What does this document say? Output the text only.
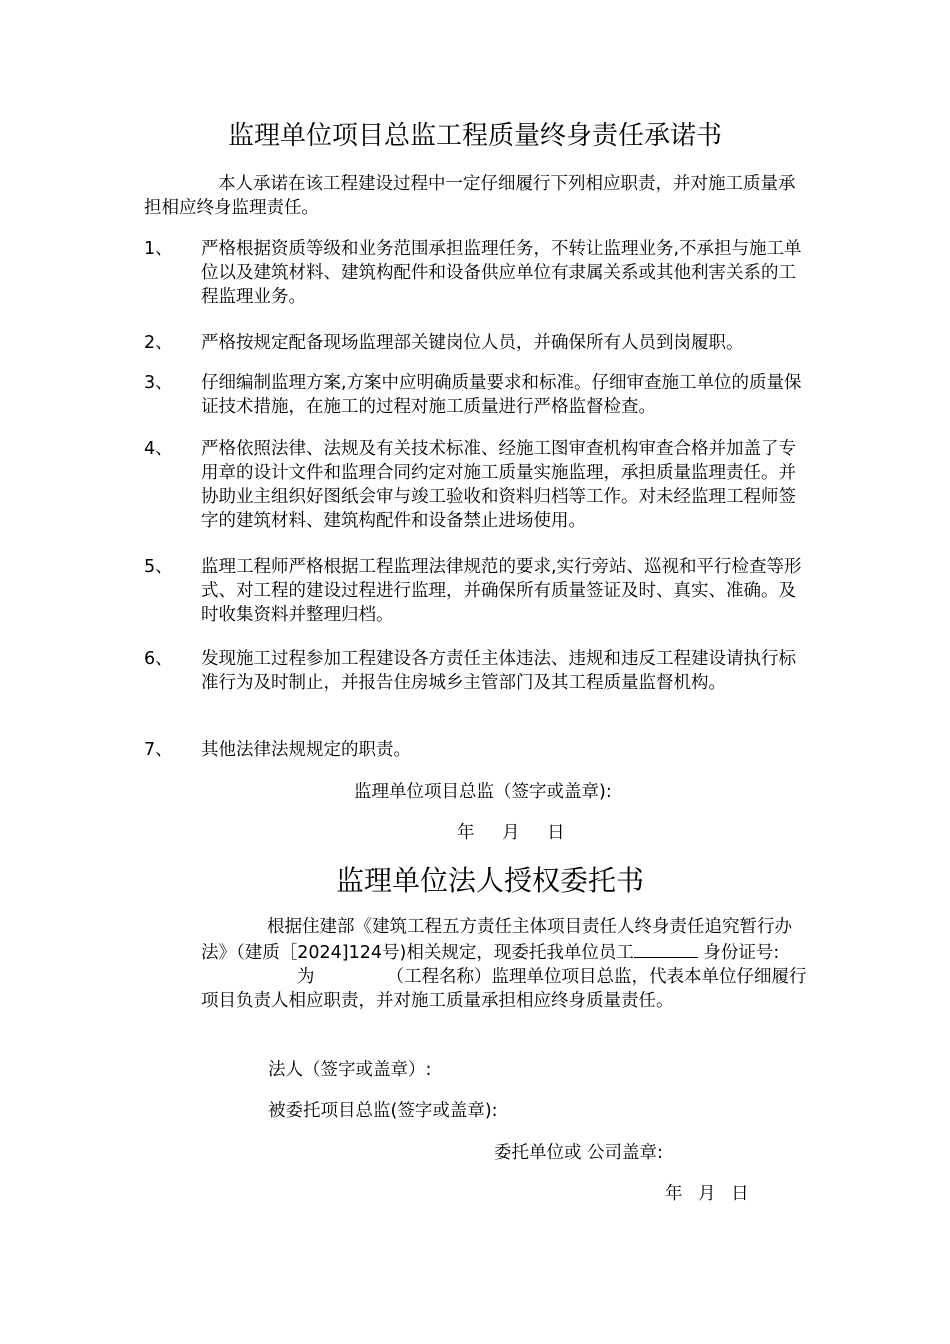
监理单位项目总监工程质量终身责任承诺书

本人承诺在该工程建设过程中一定仔细履行下列相应职责，并对施工质量承担相应终身监理责任。

1、	严格根据资质等级和业务范围承担监理任务，不转让监理业务,不承担与施工单位以及建筑材料、建筑构配件和设备供应单位有隶属关系或其他利害关系的工程监理业务。
2、	严格按规定配备现场监理部关键岗位人员，并确保所有人员到岗履职。
3、	仔细编制监理方案,方案中应明确质量要求和标准。仔细审查施工单位的质量保证技术措施，在施工的过程对施工质量进行严格监督检查。
4、	严格依照法律、法规及有关技术标准、经施工图审查机构审查合格并加盖了专用章的设计文件和监理合同约定对施工质量实施监理，承担质量监理责任。并协助业主组织好图纸会审与竣工验收和资料归档等工作。对未经监理工程师签字的建筑材料、建筑构配件和设备禁止进场使用。
5、	监理工程师严格根据工程监理法律规范的要求,实行旁站、巡视和平行检查等形式、对工程的建设过程进行监理，并确保所有质量签证及时、真实、准确。及时收集资料并整理归档。
6、	发现施工过程参加工程建设各方责任主体违法、违规和违反工程建设请执行标准行为及时制止，并报告住房城乡主管部门及其工程质量监督机构。
7、	其他法律法规规定的职责。
监理单位项目总监（签字或盖章):
年 月 日
监理单位法人授权委托书
根据住建部《建筑工程五方责任主体项目责任人终身责任追究暂行办法》（建质［2024]124号)相关规定，现委托我单位员工	身份证号:为	（工程名称）监理单位项目总监，代表本单位仔细履行项目负责人相应职责，并对施工质量承担相应终身质量责任。
法人（签字或盖章）:
被委托项目总监(签字或盖章):
委托单位或 公司盖章:
年 月 日
